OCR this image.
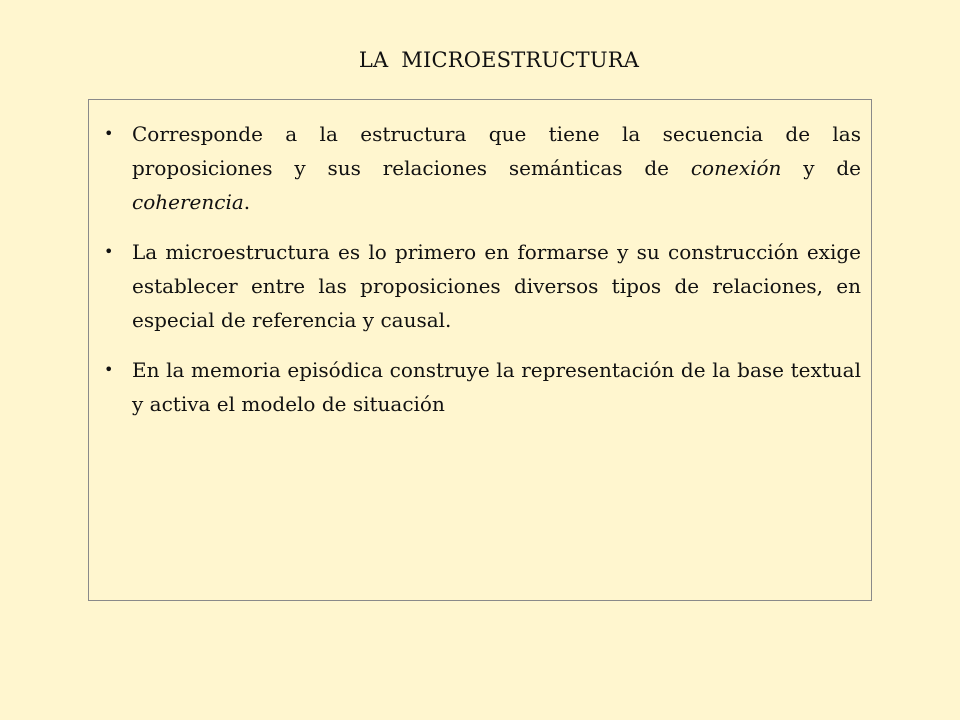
LA MICROESTRUCTURA
• Corresponde a la estructura que tiene la secuencia de las proposiciones y sus relaciones semánticas de conexión y de coherencia.
• La microestructura es lo primero en formarse y su construcción exige establecer entre las proposiciones diversos tipos de relaciones, en especial de referencia y causal.
• En la memoria episódica construye la representación de la base textual y activa el modelo de situación
